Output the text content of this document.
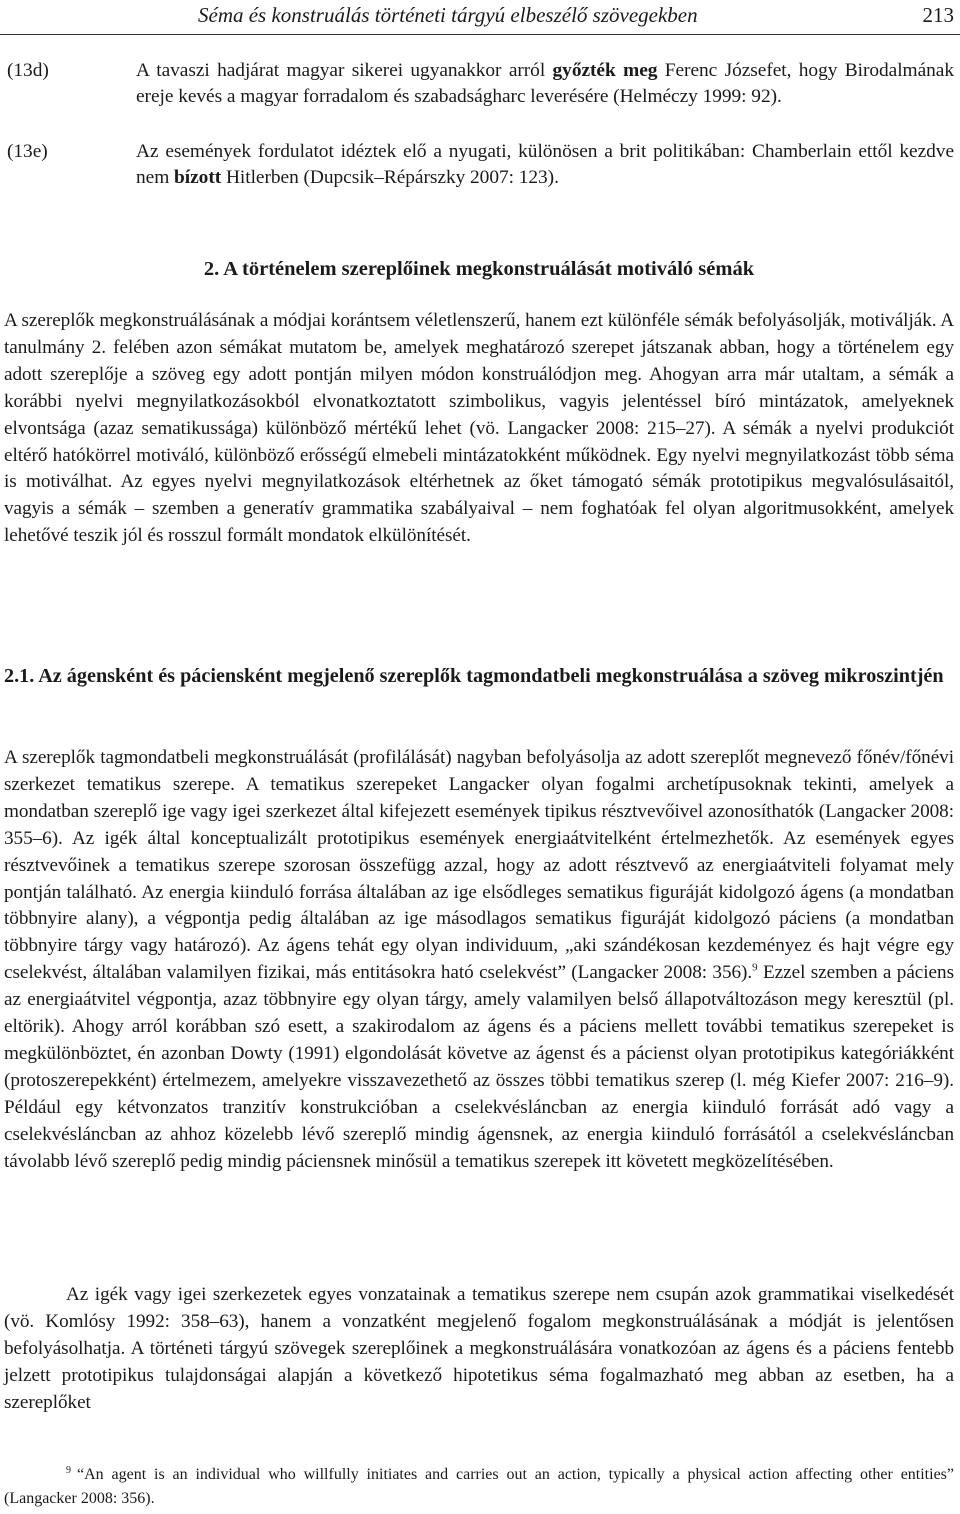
Séma és konstruálás történeti tárgyú elbeszélő szövegekben	213
(13d)	A tavaszi hadjárat magyar sikerei ugyanakkor arról győzték meg Ferenc Józsefet, hogy Birodalmának ereje kevés a magyar forradalom és szabadságharc leverésére (Helméczy 1999: 92).
(13e)	Az események fordulatot idéztek elő a nyugati, különösen a brit politikában: Chamberlain ettől kezdve nem bízott Hitlerben (Dupcsik–Répárszky 2007: 123).
2. A történelem szereplőinek megkonstruálását motiváló sémák

A szereplők megkonstruálásának a módjai korántsem véletlenszerű, hanem ezt különféle sémák befolyásolják, motiválják. A tanulmány 2. felében azon sémákat mutatom be, amelyek meghatározó szerepet játszanak abban, hogy a történelem egy adott szereplője a szöveg egy adott pontján milyen módon konstruálódjon meg. Ahogyan arra már utaltam, a sémák a korábbi nyelvi megnyilatkozásokból elvonatkoztatott szimbolikus, vagyis jelentéssel bíró mintázatok, amelyeknek elvontsága (azaz sematikussága) különböző mértékű lehet (vö. Langacker 2008: 215–27). A sémák a nyelvi produkciót eltérő hatókörrel motiváló, különböző erősségű elmebeli mintázatokként működnek. Egy nyelvi megnyilatkozást több séma is motiválhat. Az egyes nyelvi megnyilatkozások eltérhetnek az őket támogató sémák prototipikus megvalósulásaitól, vagyis a sémák – szemben a generatív grammatika szabályaival – nem foghatóak fel olyan algoritmusokként, amelyek lehetővé teszik jól és rosszul formált mondatok elkülönítését.

2.1. Az ágensként és páciensként megjelenő szereplők tagmondatbeli megkonstruálása a szöveg mikroszintjén

A szereplők tagmondatbeli megkonstruálását (profilálását) nagyban befolyásolja az adott szereplőt megnevező főnév/főnévi szerkezet tematikus szerepe. A tematikus szerepeket Langacker olyan fogalmi archetípusoknak tekinti, amelyek a mondatban szereplő ige vagy igei szerkezet által kifejezett események tipikus résztvevőivel azonosíthatók (Langacker 2008: 355–6). Az igék által konceptualizált prototipikus események energiaátvitelként értelmezhetők. Az események egyes résztvevőinek a tematikus szerepe szorosan összefügg azzal, hogy az adott résztvevő az energiaátviteli folyamat mely pontján található. Az energia kiinduló forrása általában az ige elsődleges sematikus figuráját kidolgozó ágens (a mondatban többnyire alany), a végpontja pedig általában az ige másodlagos sematikus figuráját kidolgozó páciens (a mondatban többnyire tárgy vagy határozó). Az ágens tehát egy olyan individuum, „aki szándékosan kezdeményez és hajt végre egy cselekvést, általában valamilyen fizikai, más entitásokra ható cselekvést” (Langacker 2008: 356).$^9$ Ezzel szemben a páciens az energiaátvitel végpontja, azaz többnyire egy olyan tárgy, amely valamilyen belső állapotváltozáson megy keresztül (pl. eltörik). Ahogy arról korábban szó esett, a szakirodalom az ágens és a páciens mellett további tematikus szerepeket is megkülönböztet, én azonban Dowty (1991) elgondolását követve az ágenst és a pácienst olyan prototipikus kategóriákként (protoszerepekként) értelmezem, amelyekre visszavezethető az összes többi tematikus szerep (l. még Kiefer 2007: 216–9). Például egy kétvonzatos tranzitív konstrukcióban a cselekvésláncban az energia kiinduló forrását adó vagy a cselekvésláncban az ahhoz közelebb lévő szereplő mindig ágensnek, az energia kiinduló forrásától a cselekvésláncban távolabb lévő szereplő pedig mindig páciensnek minősül a tematikus szerepek itt követett megközelítésében.

Az igék vagy igei szerkezetek egyes vonzatainak a tematikus szerepe nem csupán azok grammatikai viselkedését (vö. Komlósy 1992: 358–63), hanem a vonzatként megjelenő fogalom megkonstruálásának a módját is jelentősen befolyásolhatja. A történeti tárgyú szövegek szereplőinek a megkonstruálására vonatkozóan az ágens és a páciens fentebb jelzett prototipikus tulajdonságai alapján a következő hipotetikus séma fogalmazható meg abban az esetben, ha a szereplőket

$^9$ “An agent is an individual who willfully initiates and carries out an action, typically a physical action affecting other entities” (Langacker 2008: 356).
